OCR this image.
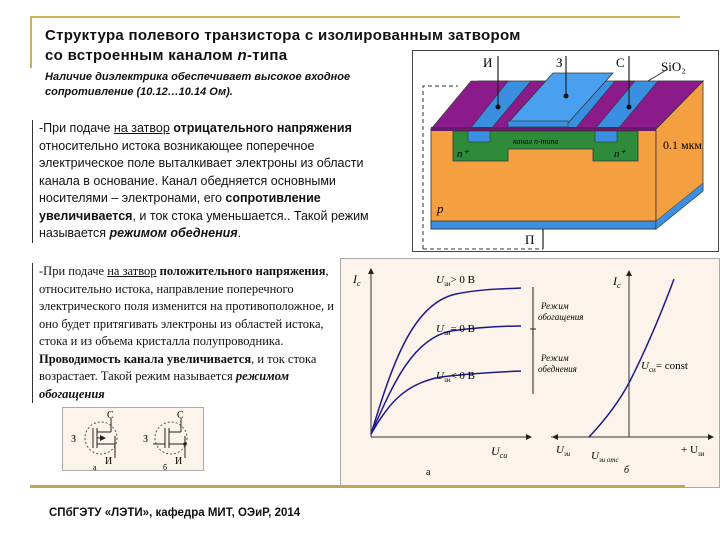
Структура полевого транзистора с изолированным затвором
со встроенным каналом n-типа
Наличие диэлектрика обеспечивает высокое входное сопротивление (10.12…10.14 Ом).
-При подаче на затвор отрицательного напряжения относительно истока возникающее поперечное электрическое поле выталкивает электроны из области канала в основание. Канал обедняется основными носителями – электронами, его сопротивление увеличивается, и ток стока уменьшается.. Такой режим называется режимом обеднения.
-При подаче на затвор положительного напряжения, относительно истока, направление поперечного электрического поля изменится на противоположное, и оно будет притягивать электроны из областей истока, стока и из объема кристалла полупроводника. Проводимость канала увеличивается, и ток стока возрастает. Такой режим называется режимом обогащения
И	З	С	SiO₂
канал n-типа
n⁺	n⁺
p
П
0.1 мкм
$I_c$
$U_{си}$
$U_{зи}> 0$ В
$U_{зи}= 0$ В
$U_{зи}< 0$ В
Режим
обогащения
Режим
обеднения
а
$I_c$
+ $U_{зи}$
$U_{зи}$ $U_{зи отс}$
$U_{си}=$ const
б
З
С
И
а
З
С
И
б
СПбГЭТУ «ЛЭТИ», кафедра МИТ, ОЭиР, 2014
